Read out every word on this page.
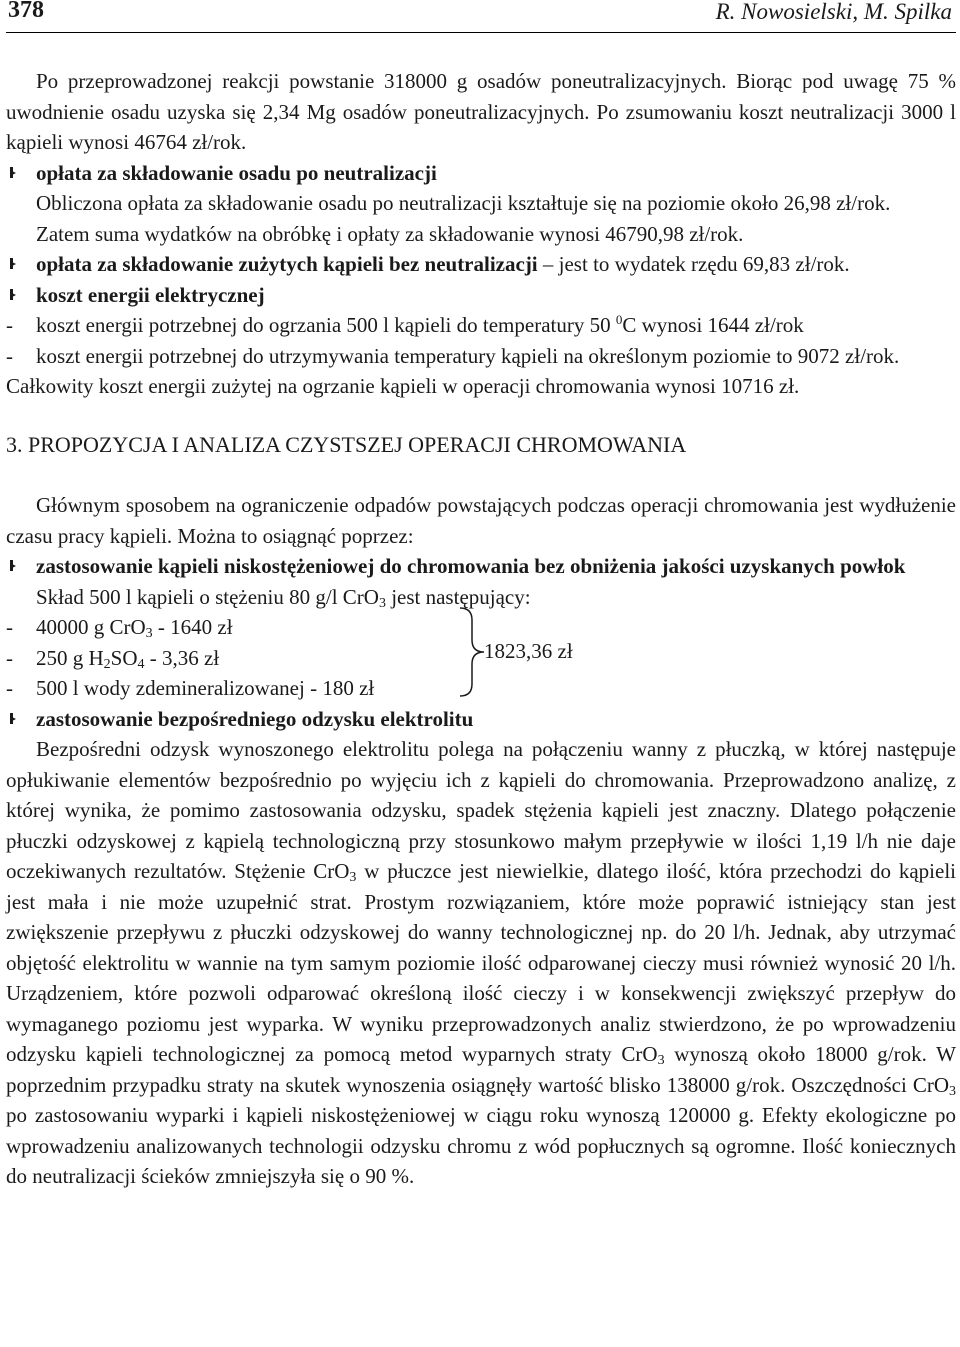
378	R. Nowosielski, M. Spilka

Po przeprowadzonej reakcji powstanie 318000 g osadów poneutralizacyjnych. Biorąc pod uwagę 75 % uwodnienie osadu uzyska się 2,34 Mg osadów poneutralizacyjnych. Po zsumowaniu koszt neutralizacji 3000 l kąpieli wynosi 46764 zł/rok.

opłata za składowanie osadu po neutralizacji

Obliczona opłata za składowanie osadu po neutralizacji kształtuje się na poziomie około 26,98 zł/rok.

Zatem suma wydatków na obróbkę i opłaty za składowanie wynosi 46790,98 zł/rok.

opłata za składowanie zużytych kąpieli bez neutralizacji – jest to wydatek rzędu 69,83 zł/rok.

koszt energii elektrycznej

- koszt energii potrzebnej do ogrzania 500 l kąpieli do temperatury 50 $^0$C wynosi 1644 zł/rok

- koszt energii potrzebnej do utrzymywania temperatury kąpieli na określonym poziomie to 9072 zł/rok.

Całkowity koszt energii zużytej na ogrzanie kąpieli w operacji chromowania wynosi 10716 zł.

3. PROPOZYCJA I ANALIZA CZYSTSZEJ OPERACJI CHROMOWANIA

Głównym sposobem na ograniczenie odpadów powstających podczas operacji chromowania jest wydłużenie czasu pracy kąpieli. Można to osiągnąć poprzez:

zastosowanie kąpieli niskostężeniowej do chromowania bez obniżenia jakości uzyskanych powłok

Skład 500 l kąpieli o stężeniu 80 g/l CrO$_3$ jest następujący:

- 40000 g CrO$_3$ - 1640 zł

- 250 g $H_2SO_4 - 3,36$ zł

- 500 l wody zdemineralizowanej - 180 zł

1823,36 zł

zastosowanie bezpośredniego odzysku elektrolitu

Bezpośredni odzysk wynoszonego elektrolitu polega na połączeniu wanny z płuczką, w której następuje opłukiwanie elementów bezpośrednio po wyjęciu ich z kąpieli do chromowania. Przeprowadzono analizę, z której wynika, że pomimo zastosowania odzysku, spadek stężenia kąpieli jest znaczny. Dlatego połączenie płuczki odzyskowej z kąpielą technologiczną przy stosunkowo małym przepływie w ilości 1,19 l/h nie daje oczekiwanych rezultatów. Stężenie CrO$_3$ w płuczce jest niewielkie, dlatego ilość, która przechodzi do kąpieli jest mała i nie może uzupełnić strat. Prostym rozwiązaniem, które może poprawić istniejący stan jest zwiększenie przepływu z płuczki odzyskowej do wanny technologicznej np. do 20 l/h. Jednak, aby utrzymać objętość elektrolitu w wannie na tym samym poziomie ilość odparowanej cieczy musi również wynosić 20 l/h. Urządzeniem, które pozwoli odparować określoną ilość cieczy i w konsekwencji zwiększyć przepływ do wymaganego poziomu jest wyparka. W wyniku przeprowadzonych analiz stwierdzono, że po wprowadzeniu odzysku kąpieli technologicznej za pomocą metod wyparnych straty CrO$_3$ wynoszą około 18000 g/rok. W poprzednim przypadku straty na skutek wynoszenia osiągnęły wartość blisko 138000 g/rok. Oszczędności CrO$_3$ po zastosowaniu wyparki i kąpieli niskostężeniowej w ciągu roku wynoszą 120000 g. Efekty ekologiczne po wprowadzeniu analizowanych technologii odzysku chromu z wód popłucznych są ogromne. Ilość koniecznych do neutralizacji ścieków zmniejszyła się o 90 %.
